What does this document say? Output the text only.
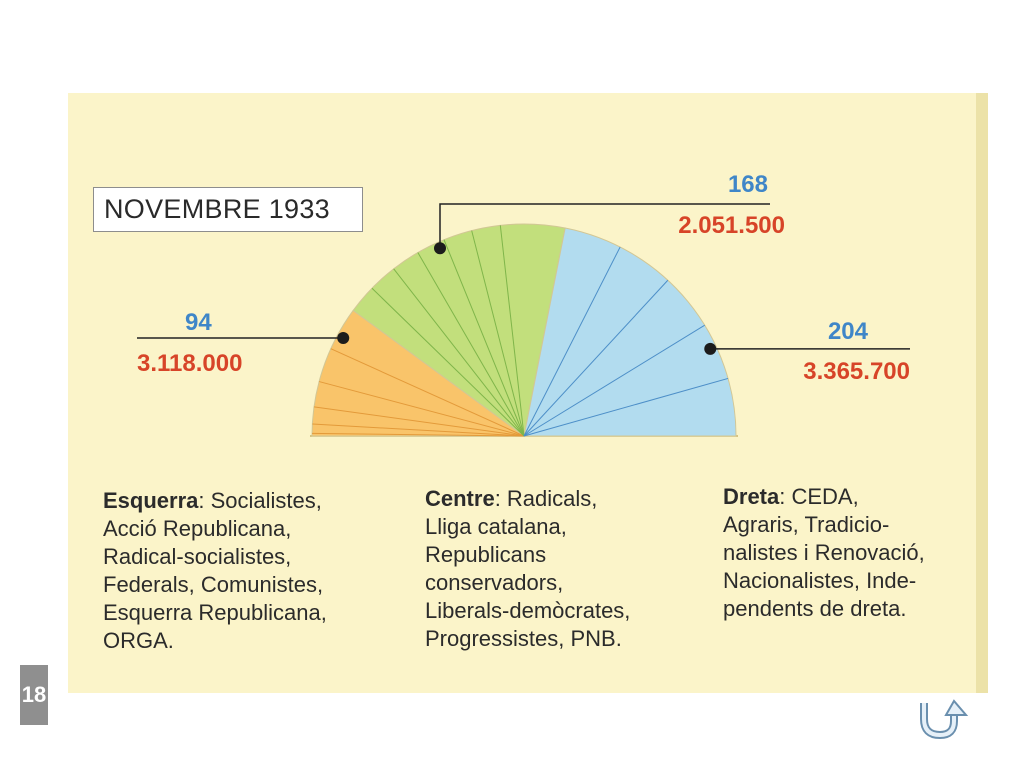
NOVEMBRE 1933
94
3.118.000
168
2.051.500
204
3.365.700
Esquerra: Socialistes,
Acció Republicana,
Radical-socialistes,
Federals, Comunistes,
Esquerra Republicana,
ORGA.
Centre: Radicals,
Lliga catalana,
Republicans
conservadors,
Liberals-demòcrates,
Progressistes, PNB.
Dreta: CEDA,
Agraris, Tradicio-
nalistes i Renovació,
Nacionalistes, Inde-
pendents de dreta.
18
